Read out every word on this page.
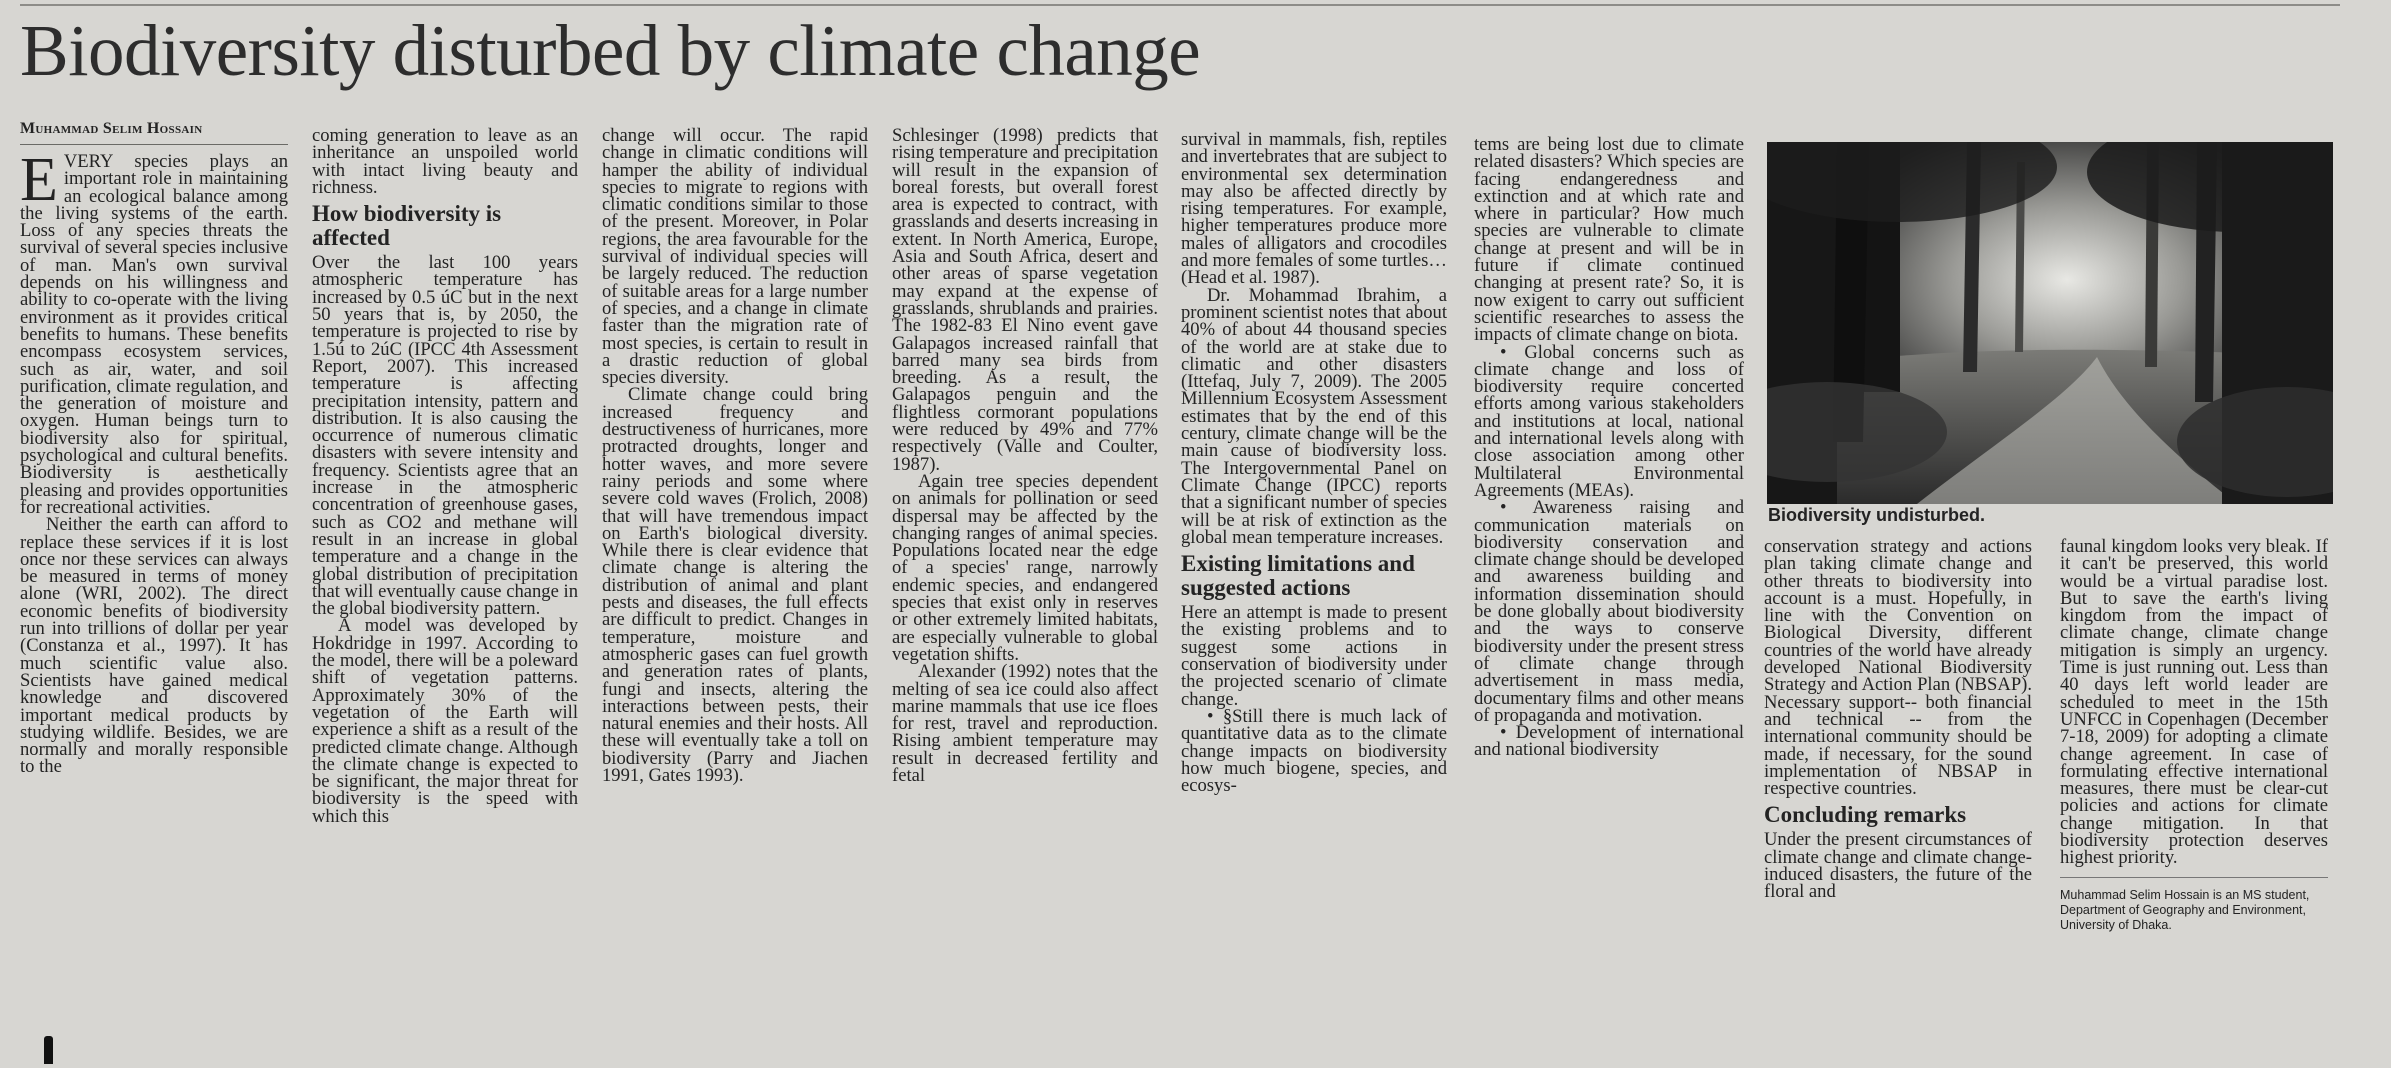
Biodiversity disturbed by climate change
Muhammad Selim Hossain

EVERY species plays an important role in maintaining an ecological balance among the living systems of the earth. Loss of any species threats the survival of several species inclusive of man. Man's own survival depends on his willingness and ability to co-operate with the living environment as it provides critical benefits to humans. These benefits encompass ecosystem services, such as air, water, and soil purification, climate regulation, and the generation of moisture and oxygen. Human beings turn to biodiversity also for spiritual, psychological and cultural benefits. Biodiversity is aesthetically pleasing and provides opportunities for recreational activities.

Neither the earth can afford to replace these services if it is lost once nor these services can always be measured in terms of money alone (WRI, 2002). The direct economic benefits of biodiversity run into trillions of dollar per year (Constanza et al., 1997). It has much scientific value also. Scientists have gained medical knowledge and discovered important medical products by studying wildlife. Besides, we are normally and morally responsible to the

coming generation to leave as an inheritance an unspoiled world with intact living beauty and richness.

How biodiversity is affected

Over the last 100 years atmospheric temperature has increased by 0.5 úC but in the next 50 years that is, by 2050, the temperature is projected to rise by 1.5ú to 2úC (IPCC 4th Assessment Report, 2007). This increased temperature is affecting precipitation intensity, pattern and distribution. It is also causing the occurrence of numerous climatic disasters with severe intensity and frequency. Scientists agree that an increase in the atmospheric concentration of greenhouse gases, such as CO2 and methane will result in an increase in global temperature and a change in the global distribution of precipitation that will eventually cause change in the global biodiversity pattern.

A model was developed by Hokdridge in 1997. According to the model, there will be a poleward shift of vegetation patterns. Approximately 30% of the vegetation of the Earth will experience a shift as a result of the predicted climate change. Although the climate change is expected to be significant, the major threat for biodiversity is the speed with which this

change will occur. The rapid change in climatic conditions will hamper the ability of individual species to migrate to regions with climatic conditions similar to those of the present. Moreover, in Polar regions, the area favourable for the survival of individual species will be largely reduced. The reduction of suitable areas for a large number of species, and a change in climate faster than the migration rate of most species, is certain to result in a drastic reduction of global species diversity.

Climate change could bring increased frequency and destructiveness of hurricanes, more protracted droughts, longer and hotter waves, and more severe rainy periods and some where severe cold waves (Frolich, 2008) that will have tremendous impact on Earth's biological diversity. While there is clear evidence that climate change is altering the distribution of animal and plant pests and diseases, the full effects are difficult to predict. Changes in temperature, moisture and atmospheric gases can fuel growth and generation rates of plants, fungi and insects, altering the interactions between pests, their natural enemies and their hosts. All these will eventually take a toll on biodiversity (Parry and Jiachen 1991, Gates 1993).

Schlesinger (1998) predicts that rising temperature and precipitation will result in the expansion of boreal forests, but overall forest area is expected to contract, with grasslands and deserts increasing in extent. In North America, Europe, Asia and South Africa, desert and other areas of sparse vegetation may expand at the expense of grasslands, shrublands and prairies. The 1982-83 El Nino event gave Galapagos increased rainfall that barred many sea birds from breeding. As a result, the Galapagos penguin and the flightless cormorant populations were reduced by 49% and 77% respectively (Valle and Coulter, 1987).

Again tree species dependent on animals for pollination or seed dispersal may be affected by the changing ranges of animal species. Populations located near the edge of a species' range, narrowly endemic species, and endangered species that exist only in reserves or other extremely limited habitats, are especially vulnerable to global vegetation shifts.

Alexander (1992) notes that the melting of sea ice could also affect marine mammals that use ice floes for rest, travel and reproduction. Rising ambient temperature may result in decreased fertility and fetal

survival in mammals, fish, reptiles and invertebrates that are subject to environmental sex determination may also be affected directly by rising temperatures. For example, higher temperatures produce more males of alligators and crocodiles and more females of some turtles… (Head et al. 1987).

Dr. Mohammad Ibrahim, a prominent scientist notes that about 40% of about 44 thousand species of the world are at stake due to climatic and other disasters (Ittefaq, July 7, 2009). The 2005 Millennium Ecosystem Assessment estimates that by the end of this century, climate change will be the main cause of biodiversity loss. The Intergovernmental Panel on Climate Change (IPCC) reports that a significant number of species will be at risk of extinction as the global mean temperature increases.

Existing limitations and suggested actions

Here an attempt is made to present the existing problems and to suggest some actions in conservation of biodiversity under the projected scenario of climate change.

• §Still there is much lack of quantitative data as to the climate change impacts on biodiversity how much biogene, species, and ecosys-

tems are being lost due to climate related disasters? Which species are facing endangeredness and extinction and at which rate and where in particular? How much species are vulnerable to climate change at present and will be in future if climate continued changing at present rate? So, it is now exigent to carry out sufficient scientific researches to assess the impacts of climate change on biota.

• Global concerns such as climate change and loss of biodiversity require concerted efforts among various stakeholders and institutions at local, national and international levels along with close association among other Multilateral Environmental Agreements (MEAs).

• Awareness raising and communication materials on biodiversity conservation and climate change should be developed and awareness building and information dissemination should be done globally about biodiversity and the ways to conserve biodiversity under the present stress of climate change through advertisement in mass media, documentary films and other means of propaganda and motivation.

• Development of international and national biodiversity

Biodiversity undisturbed.

conservation strategy and actions plan taking climate change and other threats to biodiversity into account is a must. Hopefully, in line with the Convention on Biological Diversity, different countries of the world have already developed National Biodiversity Strategy and Action Plan (NBSAP). Necessary support-- both financial and technical -- from the international community should be made, if necessary, for the sound implementation of NBSAP in respective countries.

Concluding remarks

Under the present circumstances of climate change and climate change-induced disasters, the future of the floral and

faunal kingdom looks very bleak. If it can't be preserved, this world would be a virtual paradise lost. But to save the earth's living kingdom from the impact of climate change, climate change mitigation is simply an urgency. Time is just running out. Less than 40 days left world leader are scheduled to meet in the 15th UNFCC in Copenhagen (December 7-18, 2009) for adopting a climate change agreement. In case of formulating effective international measures, there must be clear-cut policies and actions for climate change mitigation. In that biodiversity protection deserves highest priority.

Muhammad Selim Hossain is an MS student, Department of Geography and Environment, University of Dhaka.
